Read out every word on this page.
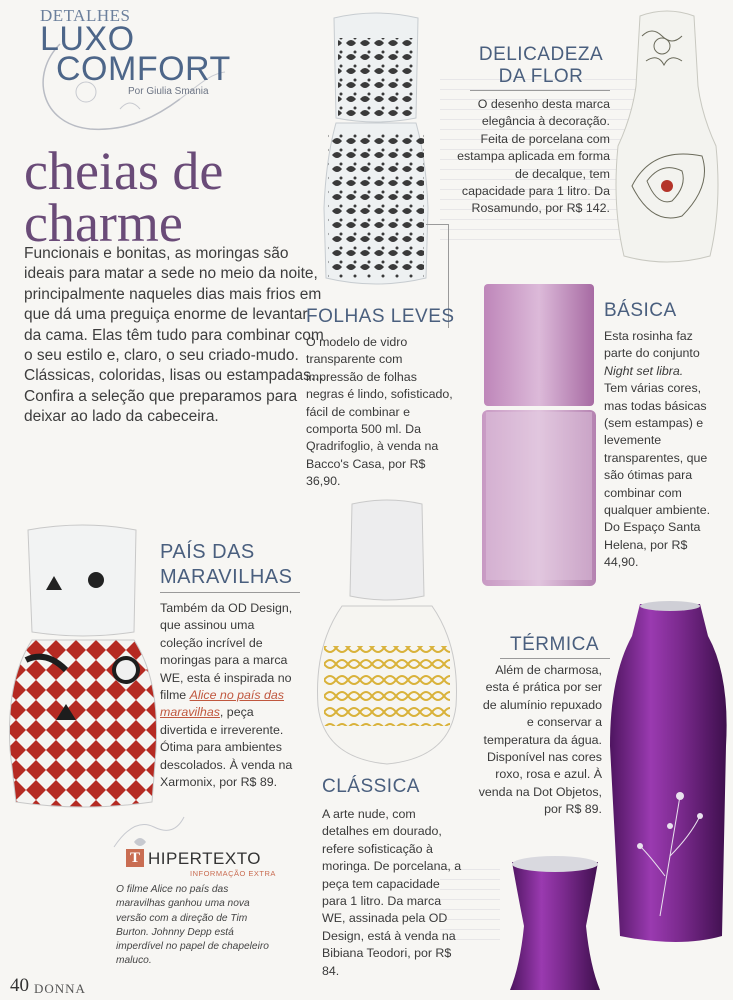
DETALHES
LUXO
COMFORT
Por Giulia Smania
cheias de
charme
Funcionais e bonitas, as moringas são ideais para matar a sede no meio da noite, principalmente naqueles dias mais frios em que dá uma preguiça enorme de levantar da cama. Elas têm tudo para combinar com o seu estilo e, claro, o seu criado-mudo. Clássicas, coloridas, lisas ou estampadas... Confira a seleção que preparamos para deixar ao lado da cabeceira.
DELICADEZA
DA FLOR
O desenho desta marca elegância à decoração. Feita de porcelana com estampa aplicada em forma de decalque, tem capacidade para 1 litro. Da Rosamundo, por R$ 142.
FOLHAS LEVES
O modelo de vidro transparente com impressão de folhas negras é lindo, sofisticado, fácil de combinar e comporta 500 ml. Da Qradrifoglio, à venda na Bacco's Casa, por R$ 36,90.
BÁSICA
Esta rosinha faz
parte do conjunto
Night set libra.
Tem várias cores, mas todas básicas (sem estampas) e levemente transparentes, que são ótimas para combinar com qualquer ambiente. Do Espaço Santa Helena, por R$ 44,90.
PAÍS DAS
MARAVILHAS
Também da OD Design, que assinou uma coleção incrível de moringas para a marca WE, esta é inspirada no filme Alice no país das maravilhas, peça divertida e irreverente. Ótima para ambientes descolados. À venda na Xarmonix, por R$ 89.
TÉRMICA
Além de charmosa, esta é prática por ser de alumínio repuxado e conservar a temperatura da água. Disponível nas cores roxo, rosa e azul. À venda na Dot Objetos, por R$ 89.
CLÁSSICA
A arte nude, com detalhes em dourado, refere sofisticação à moringa. De porcelana, a peça tem capacidade para 1 litro. Da marca WE, assinada pela OD Design, está à venda na Bibiana Teodori, por R$ 84.
T HIPERTEXTO
INFORMAÇÃO EXTRA
O filme Alice no país das maravilhas ganhou uma nova versão com a direção de Tim Burton. Johnny Depp está imperdível no papel de chapeleiro maluco.
40 DONNA
